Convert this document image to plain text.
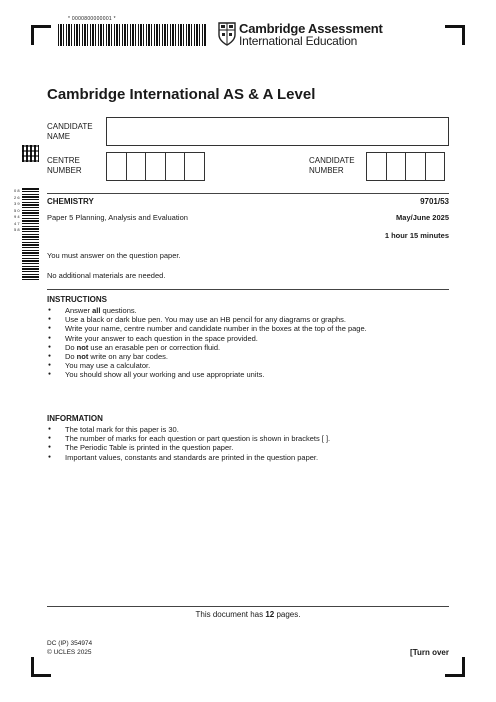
* 0000800000001 *
Cambridge Assessment
International Education
Cambridge International AS & A Level
CANDIDATE
NAME
CENTRE
NUMBER
CANDIDATE
NUMBER
0 8 2 6 3 9 5 0 9 4 4 7 5 8
CHEMISTRY	9701/53
Paper 5 Planning, Analysis and Evaluation	May/June 2025
1 hour 15 minutes
You must answer on the question paper.
No additional materials are needed.
INSTRUCTIONS
● Answer all questions.
● Use a black or dark blue pen. You may use an HB pencil for any diagrams or graphs.
● Write your name, centre number and candidate number in the boxes at the top of the page.
● Write your answer to each question in the space provided.
● Do not use an erasable pen or correction fluid.
● Do not write on any bar codes.
● You may use a calculator.
● You should show all your working and use appropriate units.
INFORMATION
● The total mark for this paper is 30.
● The number of marks for each question or part question is shown in brackets [ ].
● The Periodic Table is printed in the question paper.
● Important values, constants and standards are printed in the question paper.
This document has 12 pages.
DC (IP) 354974
© UCLES 2025	[Turn over
